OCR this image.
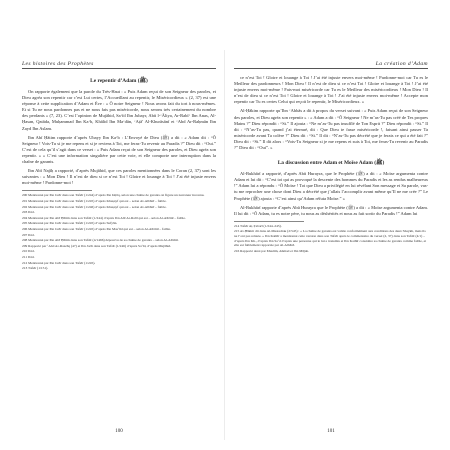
Les histoires des Prophètes
Le repentir d’Adam (ﷺ)

On rapporte également que la parole du Très-Haut : « Puis Adam reçut de son Seigneur des paroles, et Dieu agréa son repentir car c’est Lui certes, l’Accueillant au repentir, le Miséricordieux » (2, 37) est une réponse à cette supplication d’Adam et Ève : « Ô notre Seigneur ! Nous avons fait du tort à nous-mêmes. Et si Tu ne nous pardonnes pas et ne nous fais pas miséricorde, nous serons très certainement du nombre des perdants » (7, 23). C’est l’opinion de Mujāhid, Sa‘īd Ibn Jubayr, Abū l-‘Āliya, Ar-Rabī‘ Ibn Anas, Al-Ḥasan, Qatāda, Muḥammad Ibn Ka‘b, Khālid Ibn Ma‘dān, ‘Aṭā’ Al-Khurāsānī et ‘Abd Ar-Raḥmān Ibn Zayd Ibn Aslam.

Ibn Abī Ḥātim rapporte d’après Ubayy Ibn Ka‘b : L’Envoyé de Dieu (ﷺ) a dit : « Adam dit : “Ô Seigneur ! Vois-Tu si je me repens et si je reviens à Toi, me feras-Tu revenir au Paradis ?” Dieu dit : “Oui.” C’est de cela qu’il s’agit dans ce verset : « Puis Adam reçut de son Seigneur des paroles, et Dieu agréa son repentir. » » C’est une information singulière par cette voie, et elle comporte une interruption dans la chaîne de garants.

Ibn Abī Najīḥ a rapporté, d’après Mujāhid, que ces paroles mentionnées dans le Coran (2, 37) sont les suivantes : « Mon Dieu ! Il n’est de dieu si ce n’est Toi ! Gloire et louange à Toi ! J’ai été injuste envers moi-même ! Pardonne-moi !

200 Mentionné par Ibn Jarīr dans son Tafsīr (1/244) d’après Ibn Isḥāq, selon une chaîne de garants où figure un narrateur inconnu.
201 Mentionné par Ibn Jarīr dans son Tafsīr (1/245) d’après Khuṣayf qui est – selon Al-Albānī – faible.
202 Mentionné par Ibn Jarīr dans son Tafsīr (1/246) d’après Khuṣayf qui est – selon Al-Albānī – faible.
203 Ibid.
204 Mentionné par Ibn Abī Ḥātim dans son Tafsīr (1/244) d’après Ibn Abī Ar-Rabī qui est – selon Al-Albānī – faible.
205 Mentionné par Ibn Jarīr dans son Tafsīr (1/245) d’après Sufyān.
206 Mentionné par Ibn Jarīr dans son Tafsīr (1/245) d’après Ibn Mas‘ūd qui est – selon Al-Albānī – faible.
207 Ibid.
208 Mentionné par Ibn Abī Ḥātim dans son Tafsīr (4/1466) dépourvu de sa chaîne de garants – selon Al-Albānī.
209 Rapporté par ‘Abd Ar-Razzāq (47) et Ibn Jarīr dans son Tafsīr (1/246) d’après Sa‘īd, d’après Mujāhid.
210 Ibid.
211 Ibid.
212 Mentionné par Ibn Jarīr dans son Tafsīr (1/245).
213 Tafsīr (1/151).
100
La création d’Adam

ce n’est Toi ! Gloire et louange à Toi ! J’ai été injuste envers moi-même ! Pardonne-moi car Tu es le Meilleur des pardonneurs ! Mon Dieu ! Il n’est de dieu si ce n’est Toi ! Gloire et louange à Toi ! J’ai été injuste envers moi-même ! Fais-moi miséricorde car Tu es le Meilleur des miséricordieux ! Mon Dieu ! Il n’est de dieu si ce n’est Toi ! Gloire et louange à Toi ! J’ai été injuste envers moi-même ! Accepte mon repentir car Tu es certes Celui qui reçoit le repentir, le Miséricordieux. »

Al-Ḥākim rapporte qu’Ibn ‘Abbās a dit à propos du verset suivant : « Puis Adam reçut de son Seigneur des paroles, et Dieu agréa son repentir » : « Adam a dit : “Ô Seigneur ! Ne m’as-Tu pas créé de Tes propres Mains ?” Dieu répondit : “Si.” Il ajouta : “Ne m’as-Tu pas insufflé de Ton Esprit ?” Dieu répondit : “Si.” Il dit : “N’as-Tu pas, quand j’ai éternué, dit : Que Dieu te fasse miséricorde !, faisant ainsi passer Ta miséricorde avant Ta colère ?” Dieu dit : “Si.” Il dit : “N’as-Tu pas décrété que je ferais ce qui a été fait ?” Dieu dit : “Si.” Il dit alors : “Vois-Tu Seigneur si je me repens et suis à Toi, me feras-Tu revenir au Paradis ?” Dieu dit : “Oui”. »

La discussion entre Adam et Moïse Adam (ﷺ)

Al-Bukhārī a rapporté, d’après Abū Hurayra, que le Prophète (ﷺ) a dit : « Moïse argumenta contre Adam et lui dit : “C’est toi qui as provoqué la descente des hommes du Paradis et les as rendus malheureux !” Adam lui a répondu : “Ô Moïse ! Toi que Dieu a privilégié en lui révélant Son message et Sa parole, vas-tu me reprocher une chose dont Dieu a décrété que j’allais l’accomplir avant même qu’Il ne me crée ?” Le Prophète (ﷺ) ajouta : “C’est ainsi qu’Adam réfuta Moïse.” »

Al-Bukhārī rapporte d’après Abū Hurayra que le Prophète (ﷺ) a dit : « Moïse argumenta contre Adam. Il lui dit : “Ô Adam, tu es notre père, tu nous as déshérités et nous as fait sortir du Paradis !” Adam lui

214 Tafsīr Aṭ-Ṭabarī (1/244–245).
215 Al-Ḥākim dit dans Al-Mustadrak (2/545) : « La chaîne de garants est valide conformément aux conditions des deux Shaykh, mais ils ne l’ont pas relatée. » Ibn Kathīr a mentionné cette version dans son Tafsīr après le commentaire du verset (2, 37) dans son Tafsīr (4/1) – d’après Ibn Kh., d’après Ibn Sa‘d d’après une personne qui le lui a transmis et Ibn Kathīr considère sa chaîne de garants comme faible, et elle est faiblement rapportée par Al-Albānī.
216 Rapporté ainsi par Muslim, Ahmad et Ibn Mājah.
101
